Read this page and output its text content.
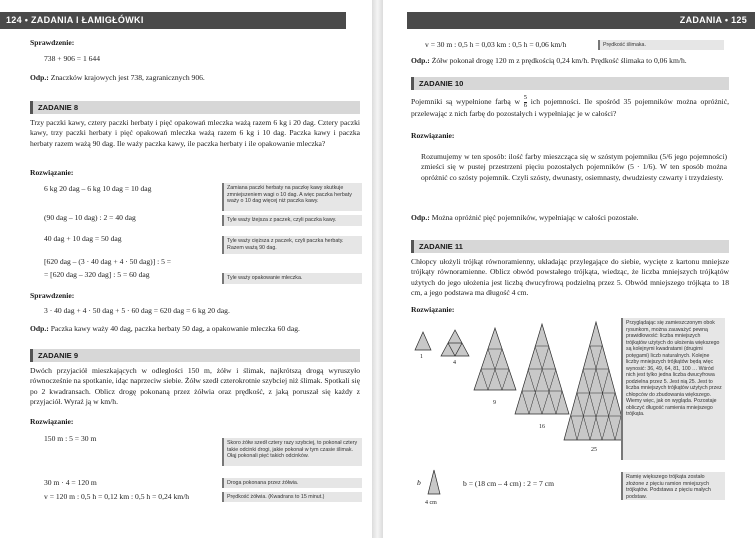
124 • ZADANIA I ŁAMIGŁÓWKI

Sprawdzenie:

738 + 906 = 1 644

Odp.: Znaczków krajowych jest 738, zagranicznych 906.

ZADANIE 8

Trzy paczki kawy, cztery paczki herbaty i pięć opakowań mleczka ważą razem 6 kg i 20 dag. Cztery paczki kawy, trzy paczki herbaty i pięć opakowań mleczka ważą razem 6 kg i 10 dag. Paczka kawy i paczka herbaty razem ważą 90 dag. Ile waży paczka kawy, ile paczka herbaty i ile opakowanie mleczka?

Rozwiązanie:

6 kg 20 dag – 6 kg 10 dag = 10 dag

(90 dag – 10 dag) : 2 = 40 dag

40 dag + 10 dag = 50 dag

[620 dag – (3 · 40 dag + 4 · 50 dag)] : 5 =

= [620 dag – 320 dag] : 5 = 60 dag

Zamiana paczki herbaty na paczkę kawy skutkuje zmniejszeniem wagi o 10 dag. A więc paczka herbaty waży o 10 dag więcej niż paczka kawy.
Tyle waży lżejsza z paczek, czyli paczka kawy.
Tyle waży cięższa z paczek, czyli paczka herbaty. Razem ważą 90 dag.
Tyle waży opakowanie mleczka.

Sprawdzenie:

3 · 40 dag + 4 · 50 dag + 5 · 60 dag = 620 dag = 6 kg 20 dag.

Odp.: Paczka kawy waży 40 dag, paczka herbaty 50 dag, a opakowanie mleczka 60 dag.

ZADANIE 9

Dwóch przyjaciół mieszkających w odległości 150 m, żółw i ślimak, najkrótszą drogą wyruszyło równocześnie na spotkanie, idąc naprzeciw siebie. Żółw szedł czterokrotnie szybciej niż ślimak. Spotkali się po 2 kwadransach. Oblicz drogę pokonaną przez żółwia oraz prędkość, z jaką poruszał się każdy z przyjaciół. Wyraź ją w km/h.

Rozwiązanie:

150 m : 5 = 30 m

30 m · 4 = 120 m

v = 120 m : 0,5 h = 0,12 km : 0,5 h = 0,24 km/h

Skoro żółw szedł cztery razy szybciej, to pokonał cztery takie odcinki drogi, jakie pokonał w tym czasie ślimak. Ołąj pokonali pięć takich odcinków.
Droga pokonana przez żółwia.
Prędkość żółwia. (Kwadrans to 15 minut.)
ZADANIA • 125

v = 30 m : 0,5 h = 0,03 km : 0,5 h = 0,06 km/h	Prędkość ślimaka.

Odp.: Żółw pokonał drogę 120 m z prędkością 0,24 km/h. Prędkość ślimaka to 0,06 km/h.

ZADANIE 10

Pojemniki są wypełnione farbą w $\frac{5}{6}$ ich pojemności. Ile spośród 35 pojemników można opróżnić, przelewając z nich farbę do pozostałych i wypełniając je w całości?

Rozwiązanie:

Rozumujemy w ten sposób: ilość farby mieszcząca się w szóstym pojemniku (5/6 jego pojemności) zmieści się w pustej przestrzeni pięciu pozostałych pojemników (5 · 1/6). W ten sposób można opróżnić co szósty pojemnik. Czyli szósty, dwunasty, osiemnasty, dwudziesty czwarty i trzydziesty.

Odp.: Można opróżnić pięć pojemników, wypełniając w całości pozostałe.

ZADANIE 11

Chłopcy ułożyli trójkąt równoramienny, układając przylegające do siebie, wycięte z kartonu mniejsze trójkąty równoramienne. Oblicz obwód powstałego trójkąta, wiedząc, że liczba mniejszych trójkątów użytych do jego ułożenia jest liczbą dwucyfrową podzielną przez 5. Obwód mniejszego trójkąta to 18 cm, a jego podstawa ma długość 4 cm.

Rozwiązanie:

1
4
9
16
25
Przyglądając się zamieszczonym obok rysunkom, można zauważyć pewną prawidłowość: liczba mniejszych trójkątów użytych do ułożenia większego są kolejnymi kwadratami (drugimi potęgami) liczb naturalnych. Kolejne liczby mniejszych trójkątów będą więc wynosić: 36, 49, 64, 81, 100 … Wśród nich jest tylko jedna liczba dwucyfrowa podzielna przez 5. Jest nią 25. Jest to liczba mniejszych trójkątów użytych przez chłopców do zbudowania większego. Wiemy więc, jak on wygląda. Pozostaje obliczyć długość ramienia mniejszego trójkąta.
b
4 cm

b = (18 cm – 4 cm) : 2 = 7 cm

Ramię większego trójkąta zostało złożone z pięciu ramion mniejszych trójkątów. Podstawa z pięciu małych podstaw.
